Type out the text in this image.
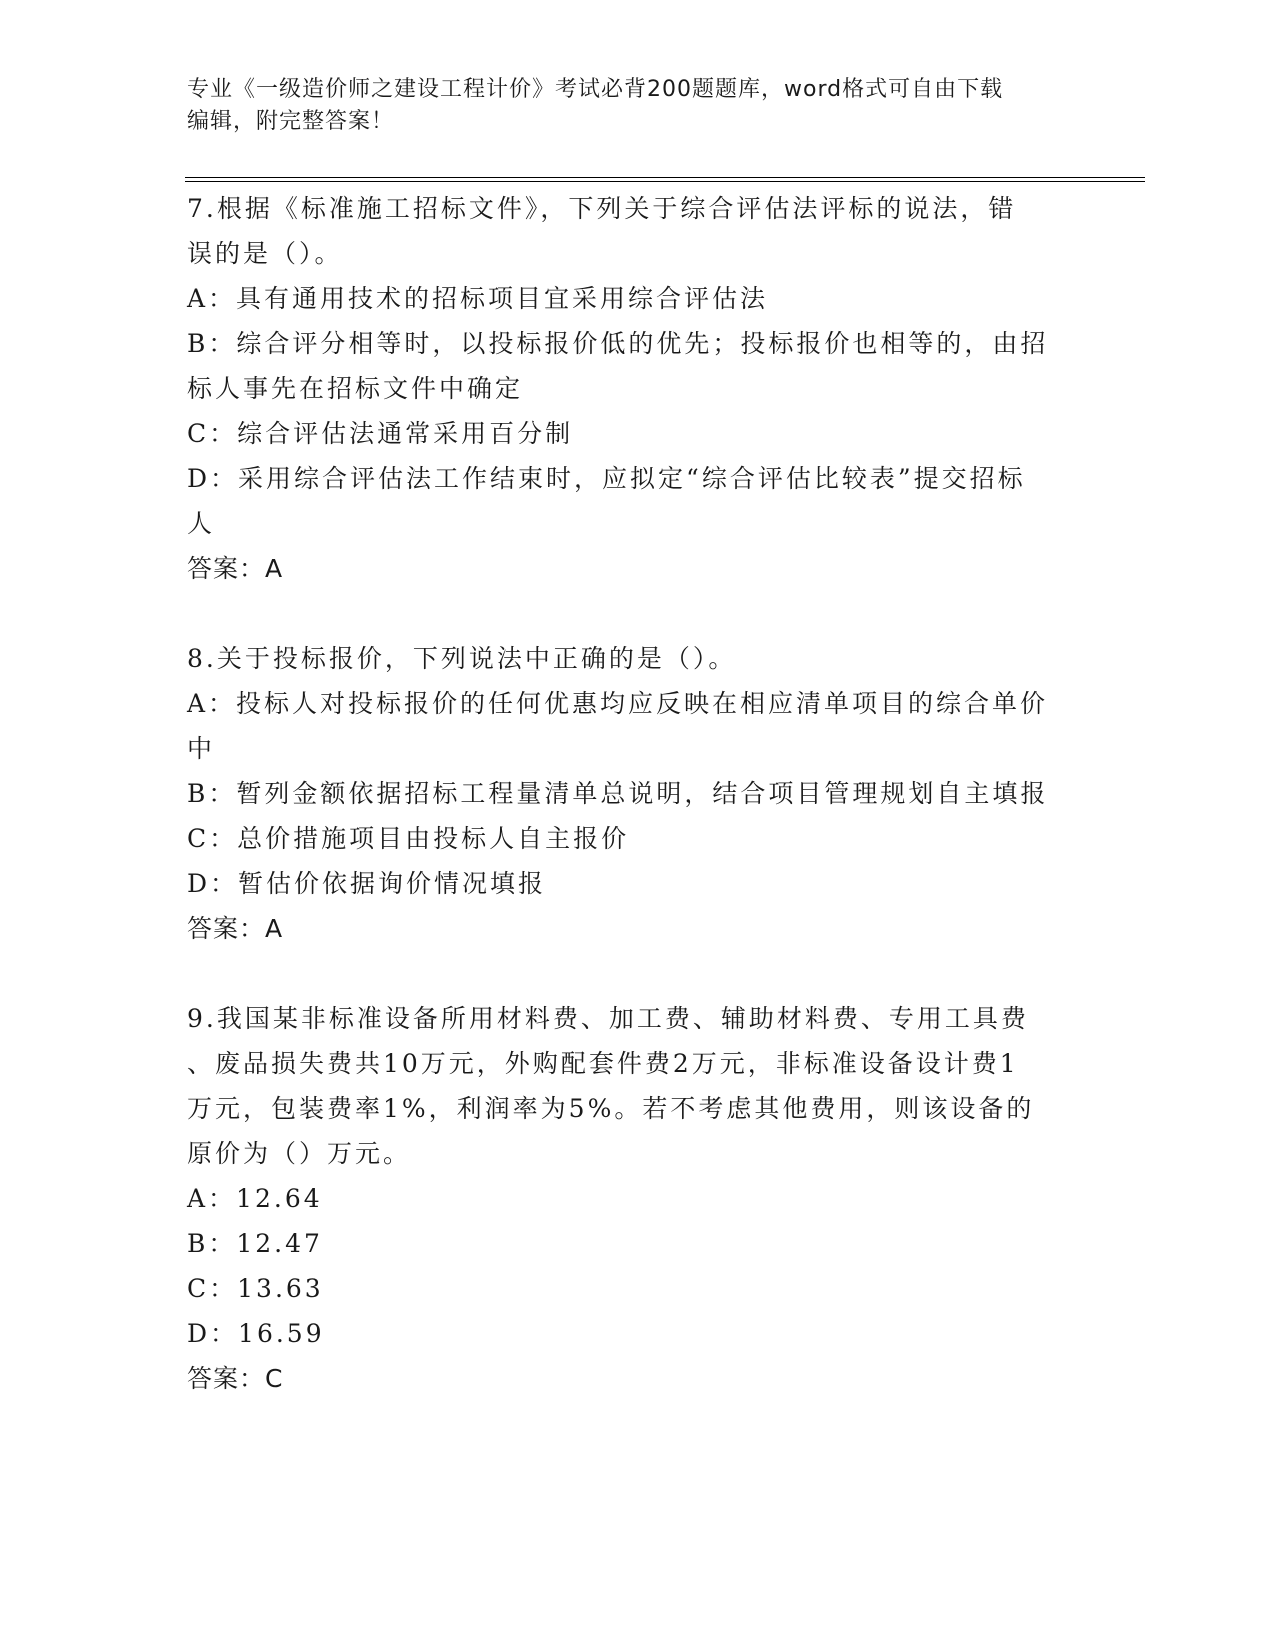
专业《一级造价师之建设工程计价》考试必背200题题库，word格式可自由下载
编辑，附完整答案！
7.根据《标准施工招标文件》，下列关于综合评估法评标的说法，错
误的是（）。
A：具有通用技术的招标项目宜采用综合评估法
B：综合评分相等时，以投标报价低的优先；投标报价也相等的，由招
标人事先在招标文件中确定
C：综合评估法通常采用百分制
D：采用综合评估法工作结束时，应拟定“综合评估比较表”提交招标
人
答案：A
8.关于投标报价，下列说法中正确的是（）。
A：投标人对投标报价的任何优惠均应反映在相应清单项目的综合单价
中
B：暂列金额依据招标工程量清单总说明，结合项目管理规划自主填报
C：总价措施项目由投标人自主报价
D：暂估价依据询价情况填报
答案：A
9.我国某非标准设备所用材料费、加工费、辅助材料费、专用工具费
、废品损失费共10万元，外购配套件费2万元，非标准设备设计费1
万元，包装费率1%，利润率为5%。若不考虑其他费用，则该设备的
原价为（）万元。
A：12.64
B：12.47
C：13.63
D：16.59
答案：C
